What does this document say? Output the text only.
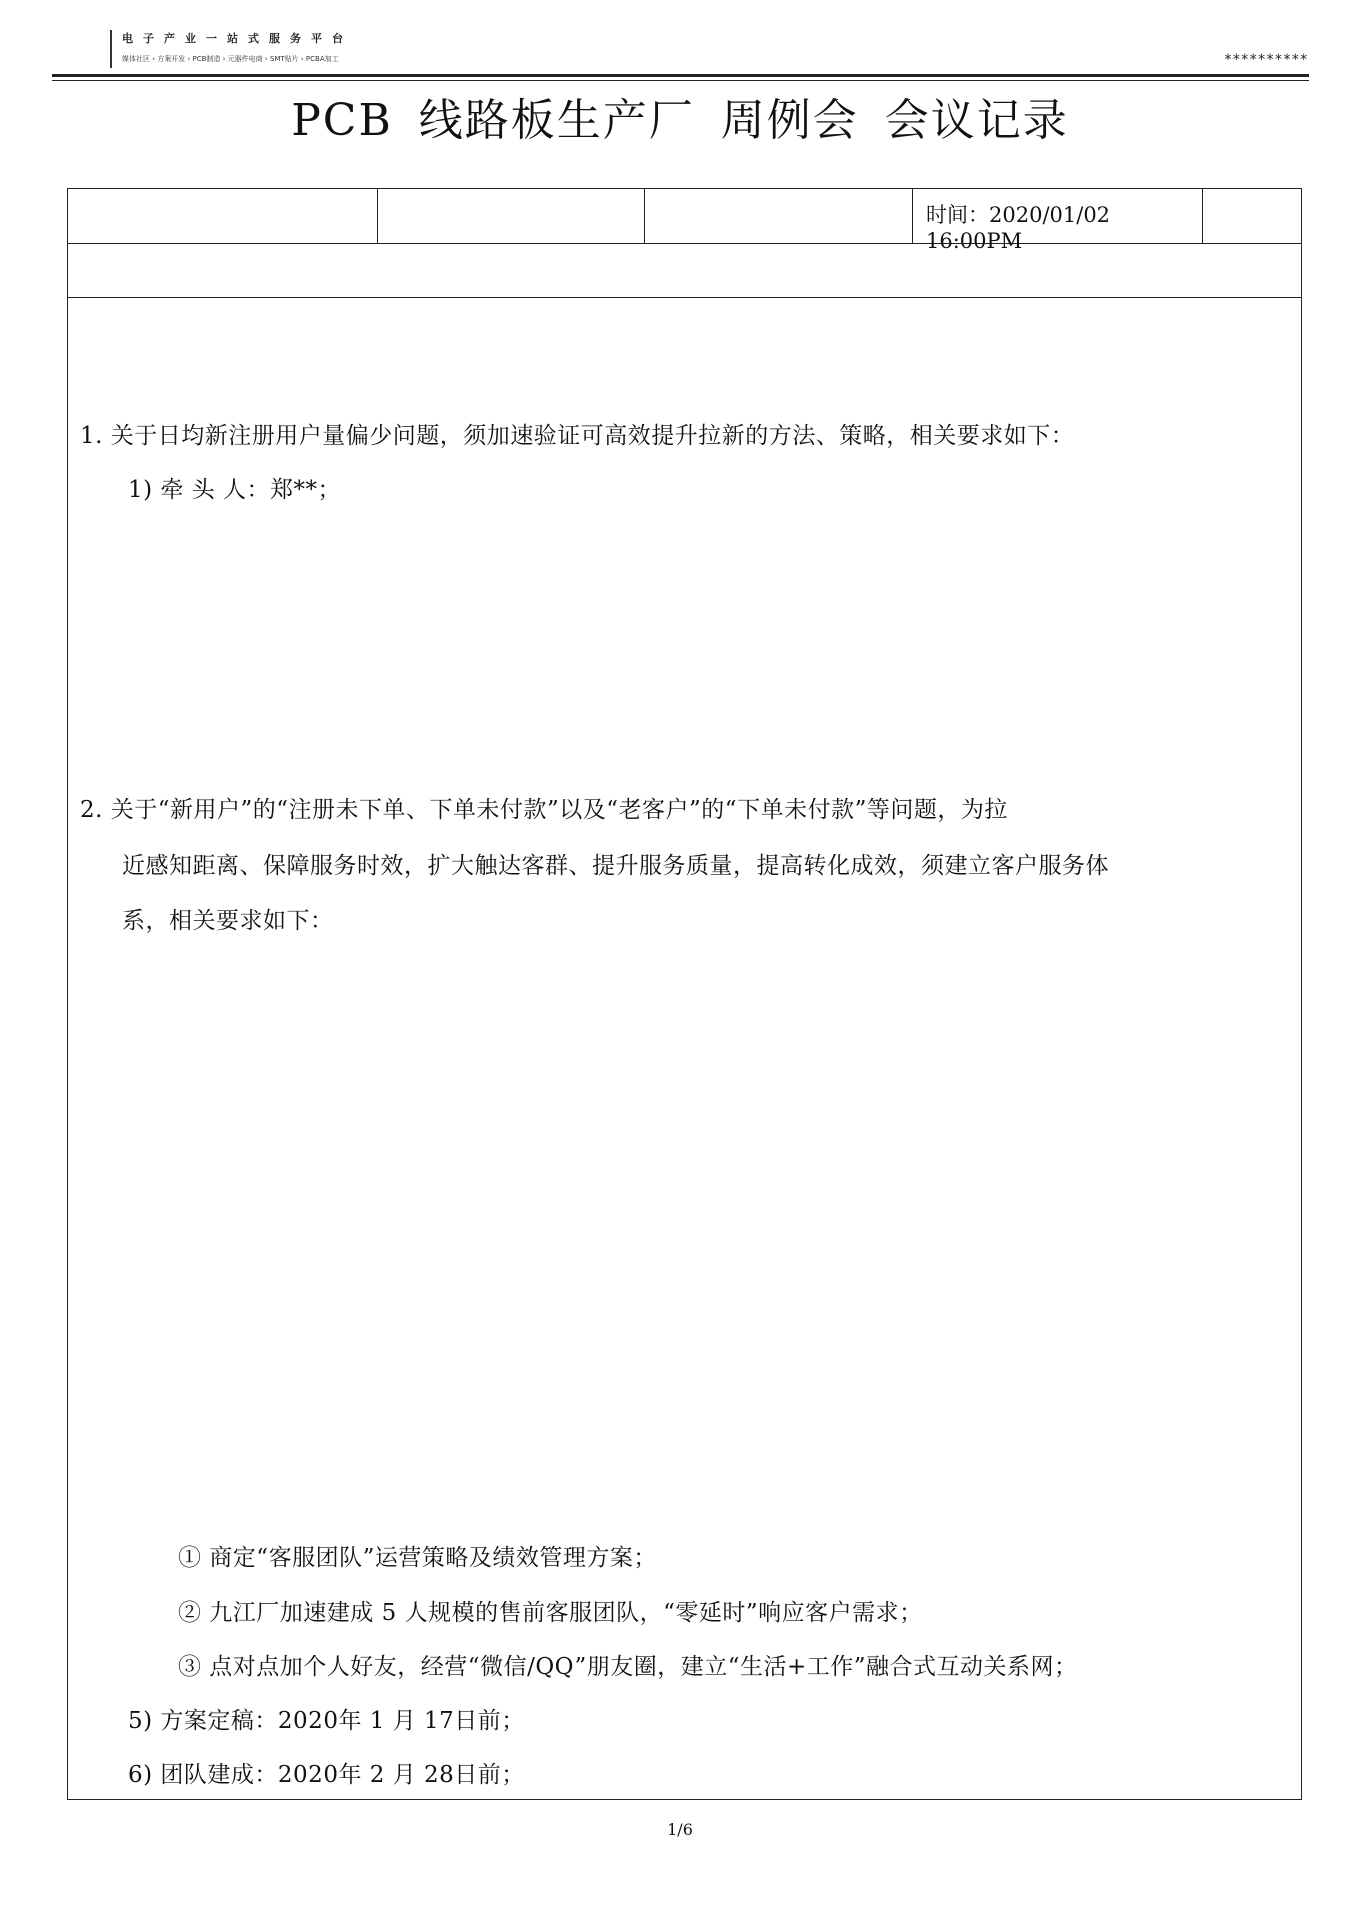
电子产业一站式服务平台
媒体社区 › 方案开发 › PCB制造 › 元器件电商 › SMT贴片 › PCBA加工	**********
PCB 线路板生产厂 周例会 会议记录
时间：2020/01/02 16:00PM
1. 关于日均新注册用户量偏少问题，须加速验证可高效提升拉新的方法、策略，相关要求如下：
1) 牵 头 人：郑**；
2. 关于“新用户”的“注册未下单、下单未付款”以及“老客户”的“下单未付款”等问题，为拉
近感知距离、保障服务时效，扩大触达客群、提升服务质量，提高转化成效，须建立客户服务体
系，相关要求如下：
① 商定“客服团队”运营策略及绩效管理方案；
② 九江厂加速建成 5 人规模的售前客服团队，“零延时”响应客户需求；
③ 点对点加个人好友，经营“微信/QQ”朋友圈，建立“生活+工作”融合式互动关系网；
5) 方案定稿：2020年 1 月 17日前；
6) 团队建成：2020年 2 月 28日前；
1/6
